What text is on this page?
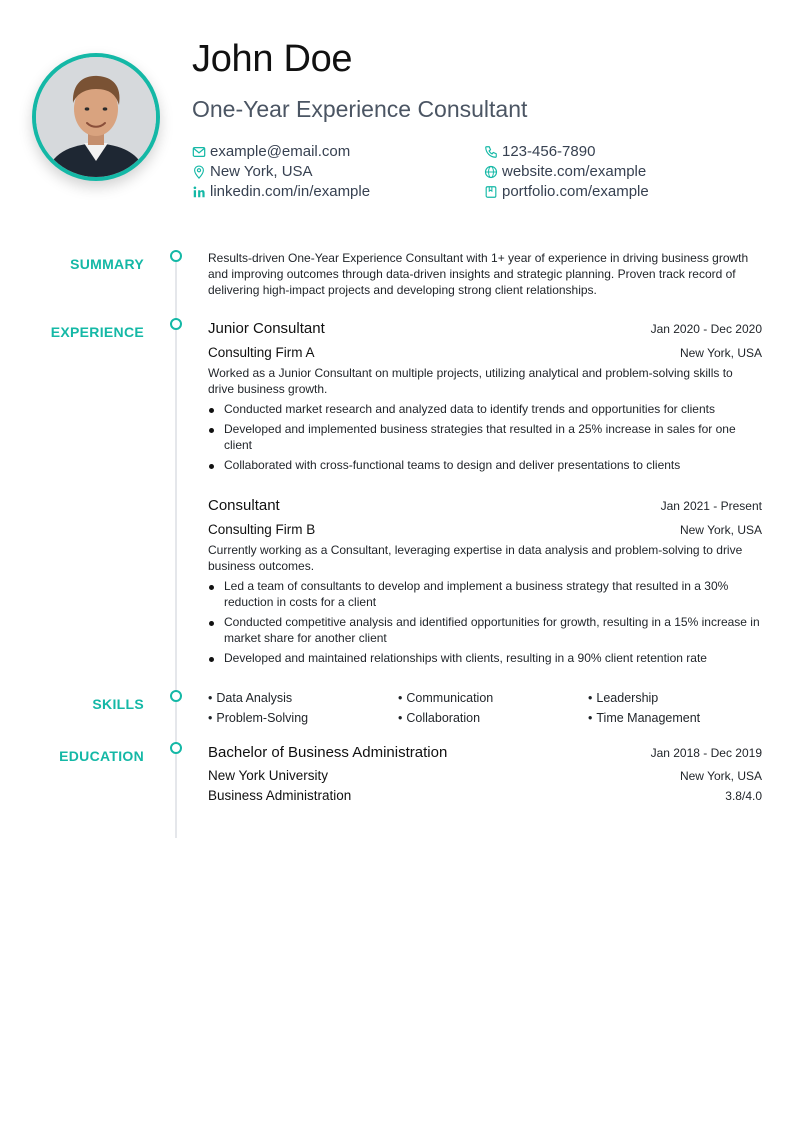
John Doe
One-Year Experience Consultant
example@email.com	123-456-7890
New York, USA	website.com/example
linkedin.com/in/example	portfolio.com/example
SUMMARY	Results-driven One-Year Experience Consultant with 1+ year of experience in driving business growth and improving outcomes through data-driven insights and strategic planning. Proven track record of delivering high-impact projects and developing strong client relationships.

EXPERIENCE	Junior Consultant	Jan 2020 - Dec 2020
Consulting Firm A	New York, USA

Worked as a Junior Consultant on multiple projects, utilizing analytical and problem-solving skills to drive business growth.

Conducted market research and analyzed data to identify trends and opportunities for clients
Developed and implemented business strategies that resulted in a 25% increase in sales for one client
Collaborated with cross-functional teams to design and deliver presentations to clients
Consultant	Jan 2021 - Present
Consulting Firm B	New York, USA

Currently working as a Consultant, leveraging expertise in data analysis and problem-solving to drive business outcomes.

Led a team of consultants to develop and implement a business strategy that resulted in a 30% reduction in costs for a client
Conducted competitive analysis and identified opportunities for growth, resulting in a 15% increase in market share for another client
Developed and maintained relationships with clients, resulting in a 90% client retention rate
SKILLS	• Data Analysis	• Communication	• Leadership
• Problem-Solving	• Collaboration	• Time Management
EDUCATION	Bachelor of Business Administration	Jan 2018 - Dec 2019
New York University	New York, USA
Business Administration	3.8/4.0
